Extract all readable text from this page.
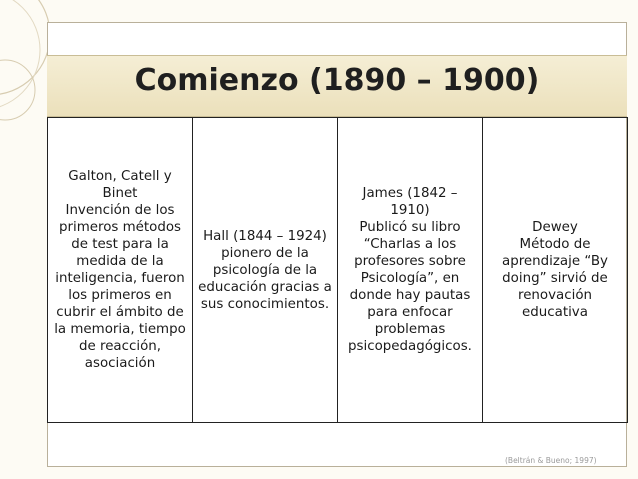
Comienzo (1890 – 1900)
Galton, Catell y Binet
Invención de los primeros métodos de test para la medida de la inteligencia, fueron los primeros en cubrir el ámbito de la memoria, tiempo de reacción, asociación

Hall (1844 – 1924)
pionero de la psicología de la educación gracias a sus conocimientos.

James (1842 – 1910)
Publicó su libro “Charlas a los profesores sobre Psicología”, en donde hay pautas para enfocar problemas psicopedagógicos.

Dewey
Método de aprendizaje “By doing” sirvió de renovación educativa
(Beltrán & Bueno; 1997)
